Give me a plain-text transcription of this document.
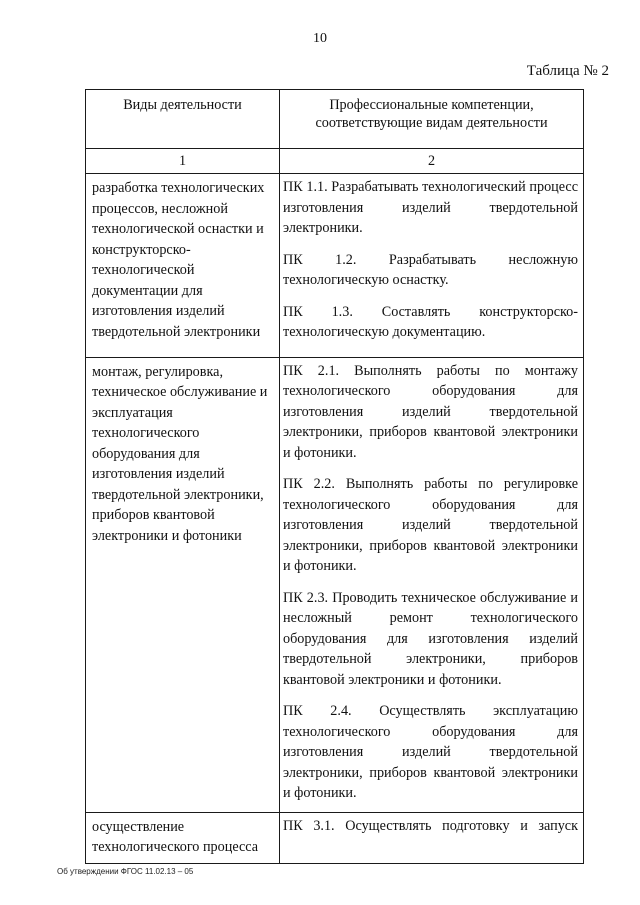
10
Таблица № 2
Виды деятельности	Профессиональные компетенции, соответствующие видам деятельности
1	2
разработка технологических процессов, несложной технологической оснастки и конструкторско-технологической документации для изготовления изделий твердотельной электроники	ПК 1.1. Разрабатывать технологический процесс изготовления изделий твердотельной электроники.
ПК 1.2. Разрабатывать несложную технологическую оснастку.
ПК 1.3. Составлять конструкторско-технологическую документацию.

монтаж, регулировка, техническое обслуживание и эксплуатация технологического оборудования для изготовления изделий твердотельной электроники, приборов квантовой электроники и фотоники	ПК 2.1. Выполнять работы по монтажу технологического оборудования для изготовления изделий твердотельной электроники, приборов квантовой электроники и фотоники.
ПК 2.2. Выполнять работы по регулировке технологического оборудования для изготовления изделий твердотельной электроники, приборов квантовой электроники и фотоники.
ПК 2.3. Проводить техническое обслуживание и несложный ремонт технологического оборудования для изготовления изделий твердотельной электроники, приборов квантовой электроники и фотоники.
ПК 2.4. Осуществлять эксплуатацию технологического оборудования для изготовления изделий твердотельной электроники, приборов квантовой электроники и фотоники.

осуществление технологического процесса	ПК 3.1. Осуществлять подготовку и запуск
Об утверждении ФГОС 11.02.13 – 05
